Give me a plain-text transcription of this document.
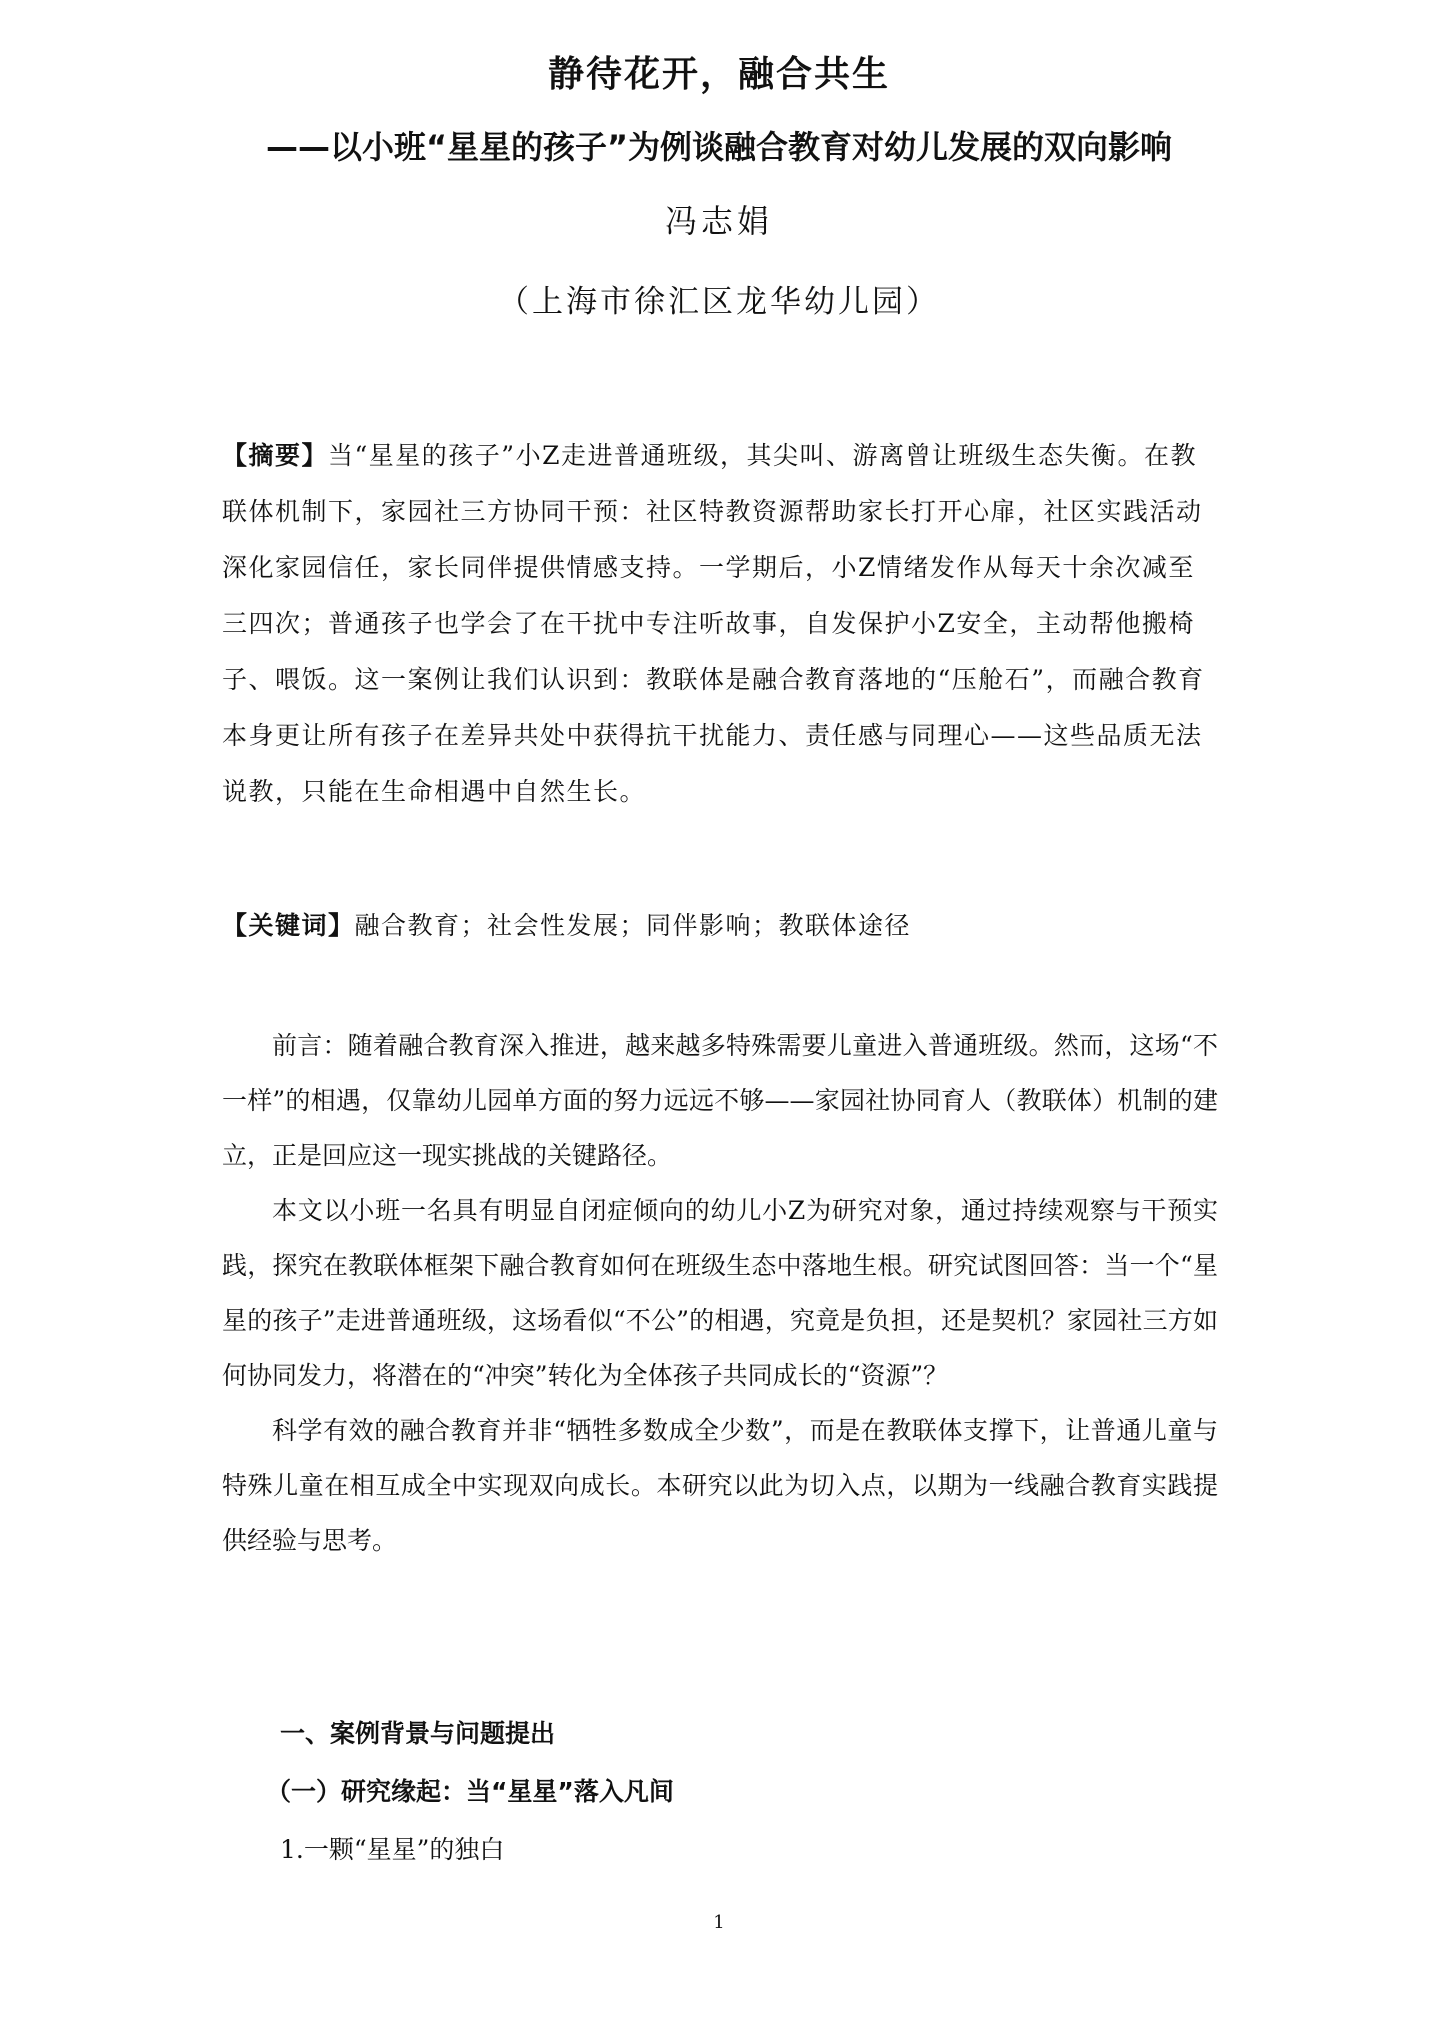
静待花开，融合共生
——以小班“星星的孩子”为例谈融合教育对幼儿发展的双向影响
冯志娟
（上海市徐汇区龙华幼儿园）
【摘要】当“星星的孩子”小Z走进普通班级，其尖叫、游离曾让班级生态失衡。在教联体机制下，家园社三方协同干预：社区特教资源帮助家长打开心扉，社区实践活动深化家园信任，家长同伴提供情感支持。一学期后，小Z情绪发作从每天十余次减至三四次；普通孩子也学会了在干扰中专注听故事，自发保护小Z安全，主动帮他搬椅子、喂饭。这一案例让我们认识到：教联体是融合教育落地的“压舱石”，而融合教育本身更让所有孩子在差异共处中获得抗干扰能力、责任感与同理心——这些品质无法说教，只能在生命相遇中自然生长。
【关键词】融合教育；社会性发展；同伴影响；教联体途径

前言：随着融合教育深入推进，越来越多特殊需要儿童进入普通班级。然而，这场“不一样”的相遇，仅靠幼儿园单方面的努力远远不够——家园社协同育人（教联体）机制的建立，正是回应这一现实挑战的关键路径。

本文以小班一名具有明显自闭症倾向的幼儿小Z为研究对象，通过持续观察与干预实践，探究在教联体框架下融合教育如何在班级生态中落地生根。研究试图回答：当一个“星星的孩子”走进普通班级，这场看似“不公”的相遇，究竟是负担，还是契机？家园社三方如何协同发力，将潜在的“冲突”转化为全体孩子共同成长的“资源”？

科学有效的融合教育并非“牺牲多数成全少数”，而是在教联体支撑下，让普通儿童与特殊儿童在相互成全中实现双向成长。本研究以此为切入点，以期为一线融合教育实践提供经验与思考。

一、案例背景与问题提出
（一）研究缘起：当“星星”落入凡间
1.一颗“星星”的独白
1
